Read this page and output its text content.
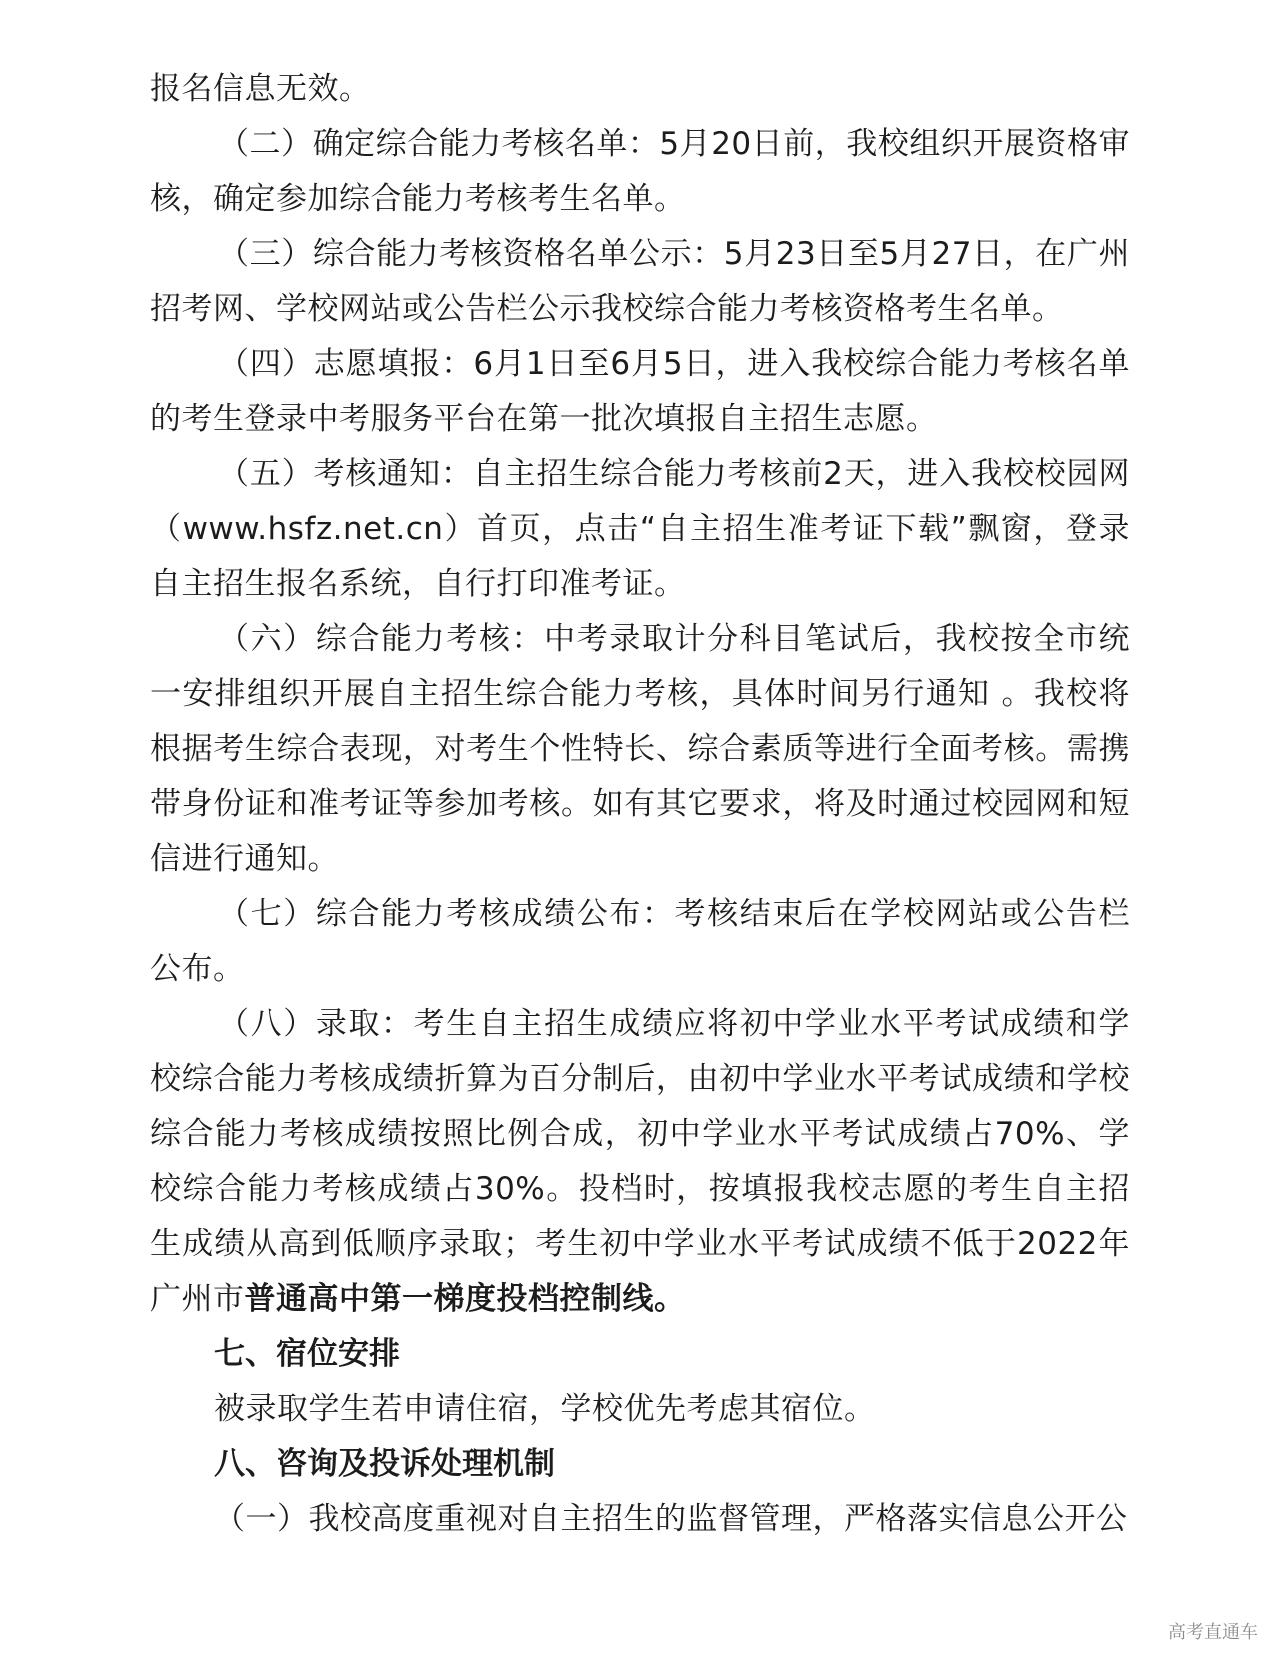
报名信息无效。

（二）确定综合能力考核名单：5月20日前，我校组织开展资格审核，确定参加综合能力考核考生名单。

（三）综合能力考核资格名单公示：5月23日至5月27日，在广州招考网、学校网站或公告栏公示我校综合能力考核资格考生名单。

（四）志愿填报：6月1日至6月5日，进入我校综合能力考核名单的考生登录中考服务平台在第一批次填报自主招生志愿。

（五）考核通知：自主招生综合能力考核前2天，进入我校校园网（www.hsfz.net.cn）首页，点击“自主招生准考证下载”飘窗，登录自主招生报名系统，自行打印准考证。

（六）综合能力考核：中考录取计分科目笔试后，我校按全市统一安排组织开展自主招生综合能力考核，具体时间另行通知 。我校将根据考生综合表现，对考生个性特长、综合素质等进行全面考核。需携带身份证和准考证等参加考核。如有其它要求，将及时通过校园网和短信进行通知。

（七）综合能力考核成绩公布：考核结束后在学校网站或公告栏公布。

（八）录取：考生自主招生成绩应将初中学业水平考试成绩和学校综合能力考核成绩折算为百分制后，由初中学业水平考试成绩和学校综合能力考核成绩按照比例合成，初中学业水平考试成绩占70%、学校综合能力考核成绩占30%。投档时，按填报我校志愿的考生自主招生成绩从高到低顺序录取；考生初中学业水平考试成绩不低于2022年广州市普通高中第一梯度投档控制线。

七、宿位安排

被录取学生若申请住宿，学校优先考虑其宿位。

八、咨询及投诉处理机制

（一）我校高度重视对自主招生的监督管理，严格落实信息公开公

高考直通车
